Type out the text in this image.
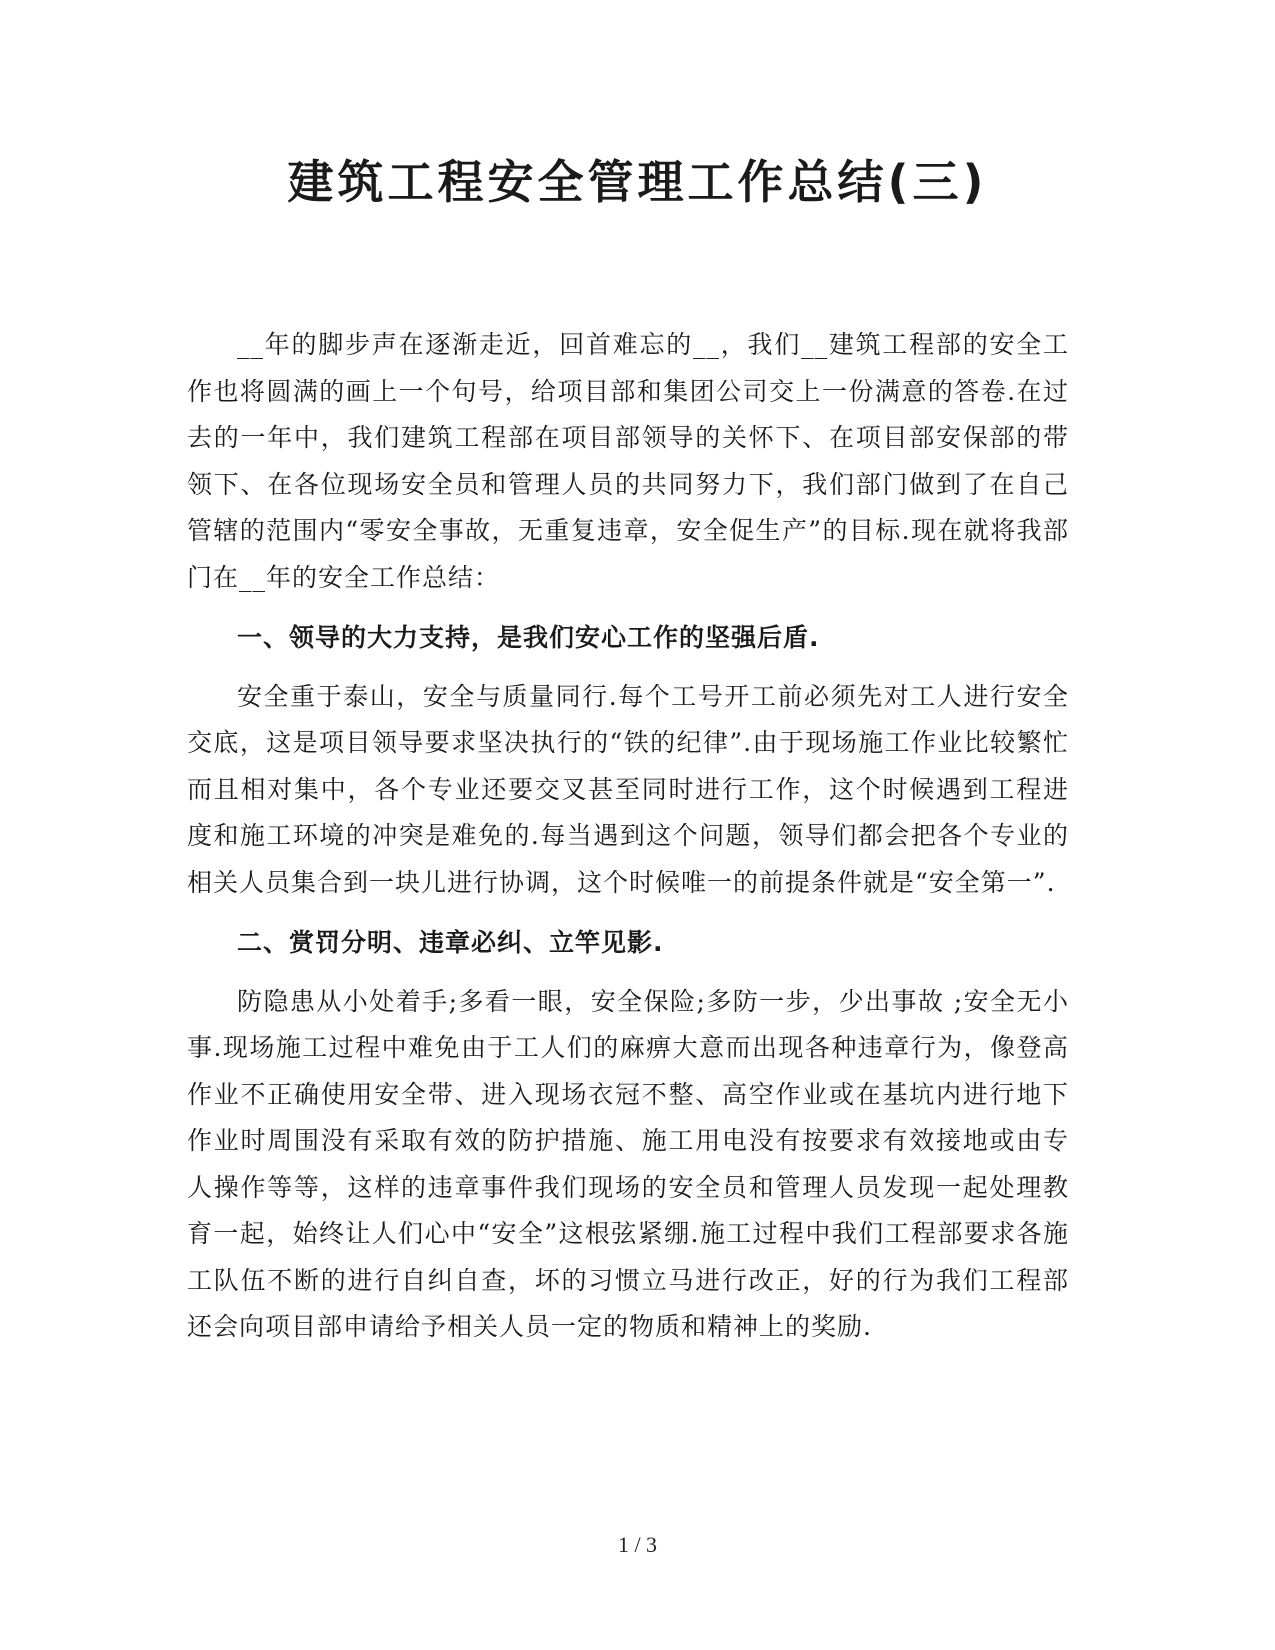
建筑工程安全管理工作总结(三)

__年的脚步声在逐渐走近，回首难忘的__，我们__建筑工程部的安全工作也将圆满的画上一个句号，给项目部和集团公司交上一份满意的答卷.在过去的一年中，我们建筑工程部在项目部领导的关怀下、在项目部安保部的带领下、在各位现场安全员和管理人员的共同努力下，我们部门做到了在自己管辖的范围内“零安全事故，无重复违章，安全促生产”的目标.现在就将我部门在__年的安全工作总结：

一、领导的大力支持，是我们安心工作的坚强后盾.

安全重于泰山，安全与质量同行.每个工号开工前必须先对工人进行安全交底，这是项目领导要求坚决执行的“铁的纪律”.由于现场施工作业比较繁忙而且相对集中，各个专业还要交叉甚至同时进行工作，这个时候遇到工程进度和施工环境的冲突是难免的.每当遇到这个问题，领导们都会把各个专业的相关人员集合到一块儿进行协调，这个时候唯一的前提条件就是“安全第一”.

二、赏罚分明、违章必纠、立竿见影.

防隐患从小处着手;多看一眼，安全保险;多防一步，少出事故 ;安全无小事.现场施工过程中难免由于工人们的麻痹大意而出现各种违章行为，像登高作业不正确使用安全带、进入现场衣冠不整、高空作业或在基坑内进行地下作业时周围没有采取有效的防护措施、施工用电没有按要求有效接地或由专人操作等等，这样的违章事件我们现场的安全员和管理人员发现一起处理教育一起，始终让人们心中“安全”这根弦紧绷.施工过程中我们工程部要求各施工队伍不断的进行自纠自查，坏的习惯立马进行改正，好的行为我们工程部还会向项目部申请给予相关人员一定的物质和精神上的奖励.

1 / 3
